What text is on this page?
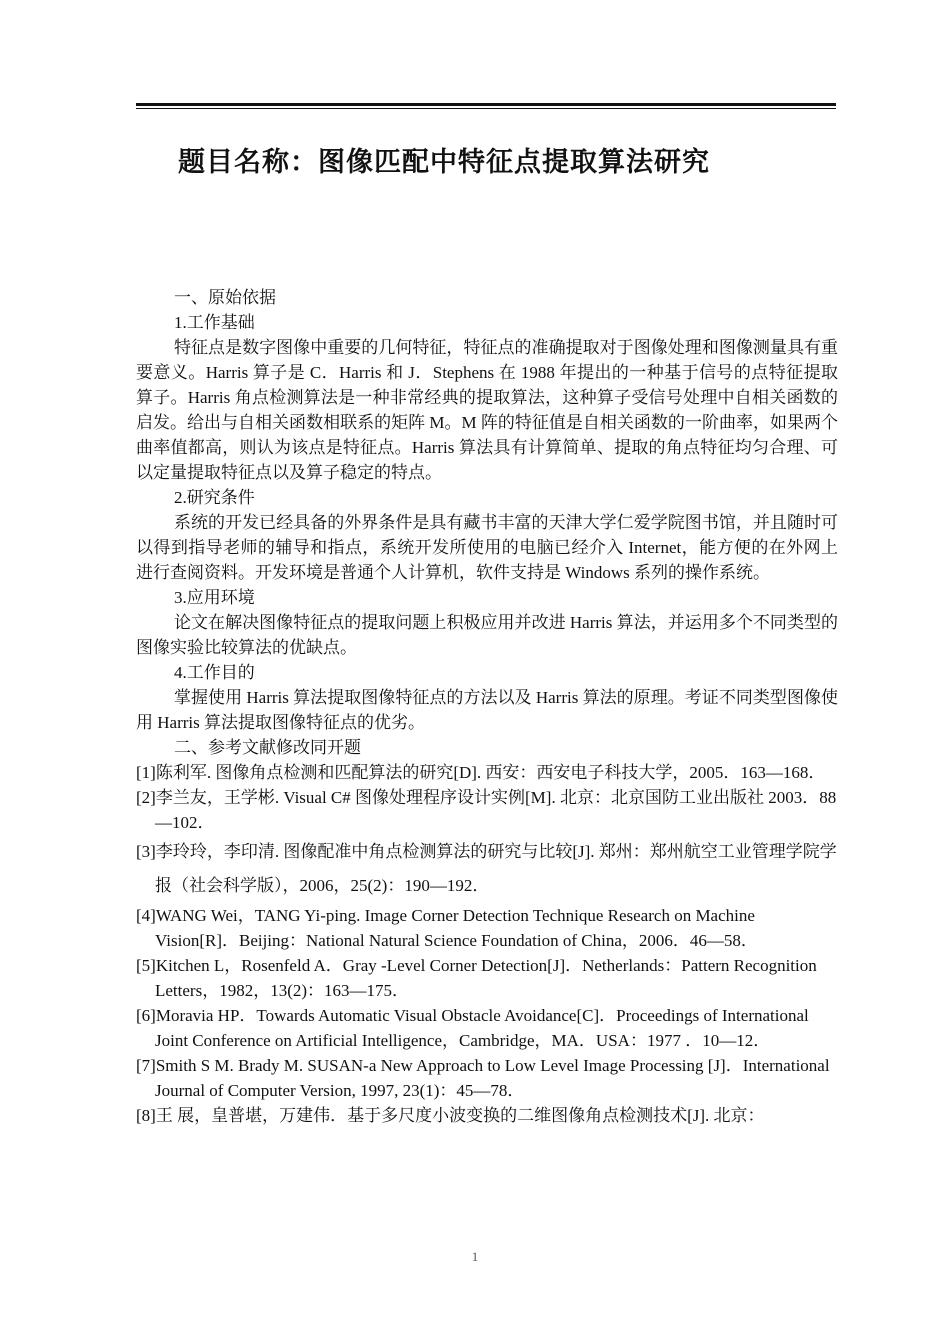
题目名称：图像匹配中特征点提取算法研究

一、原始依据

1.工作基础

特征点是数字图像中重要的几何特征，特征点的准确提取对于图像处理和图像测量具有重要意义。Harris 算子是 C．Harris 和 J．Stephens 在 1988 年提出的一种基于信号的点特征提取算子。Harris 角点检测算法是一种非常经典的提取算法，这种算子受信号处理中自相关函数的启发。给出与自相关函数相联系的矩阵 M。M 阵的特征值是自相关函数的一阶曲率，如果两个曲率值都高，则认为该点是特征点。Harris 算法具有计算简单、提取的角点特征均匀合理、可以定量提取特征点以及算子稳定的特点。

2.研究条件

系统的开发已经具备的外界条件是具有藏书丰富的天津大学仁爱学院图书馆，并且随时可以得到指导老师的辅导和指点，系统开发所使用的电脑已经介入 Internet，能方便的在外网上进行查阅资料。开发环境是普通个人计算机，软件支持是 Windows 系列的操作系统。

3.应用环境

论文在解决图像特征点的提取问题上积极应用并改进 Harris 算法，并运用多个不同类型的图像实验比较算法的优缺点。

4.工作目的

掌握使用 Harris 算法提取图像特征点的方法以及 Harris 算法的原理。考证不同类型图像使用 Harris 算法提取图像特征点的优劣。

二、参考文献修改同开题

[1]陈利军. 图像角点检测和匹配算法的研究[D]. 西安：西安电子科技大学，2005．163—168．

[2]李兰友，王学彬. Visual C# 图像处理程序设计实例[M]. 北京：北京国防工业出版社 2003．88—102．

[3]李玲玲，李印清. 图像配准中角点检测算法的研究与比较[J]. 郑州：郑州航空工业管理学院学报（社会科学版），2006，25(2)：190—192．

[4]WANG Wei，TANG Yi-ping. Image Corner Detection Technique Research on Machine Vision[R]．Beijing：National Natural Science Foundation of China，2006．46—58．

[5]Kitchen L，Rosenfeld A．Gray -Level Corner Detection[J]．Netherlands：Pattern Recognition Letters，1982，13(2)：163—175．

[6]Moravia HP．Towards Automatic Visual Obstacle Avoidance[C]．Proceedings of International Joint Conference on Artificial Intelligence，Cambridge，MA．USA：1977 ．10—12．

[7]Smith S M. Brady M. SUSAN-a New Approach to Low Level Image Processing [J]．International Journal of Computer Version, 1997, 23(1)：45—78．

[8]王 展，皇普堪，万建伟．基于多尺度小波变换的二维图像角点检测技术[J]. 北京：

1
